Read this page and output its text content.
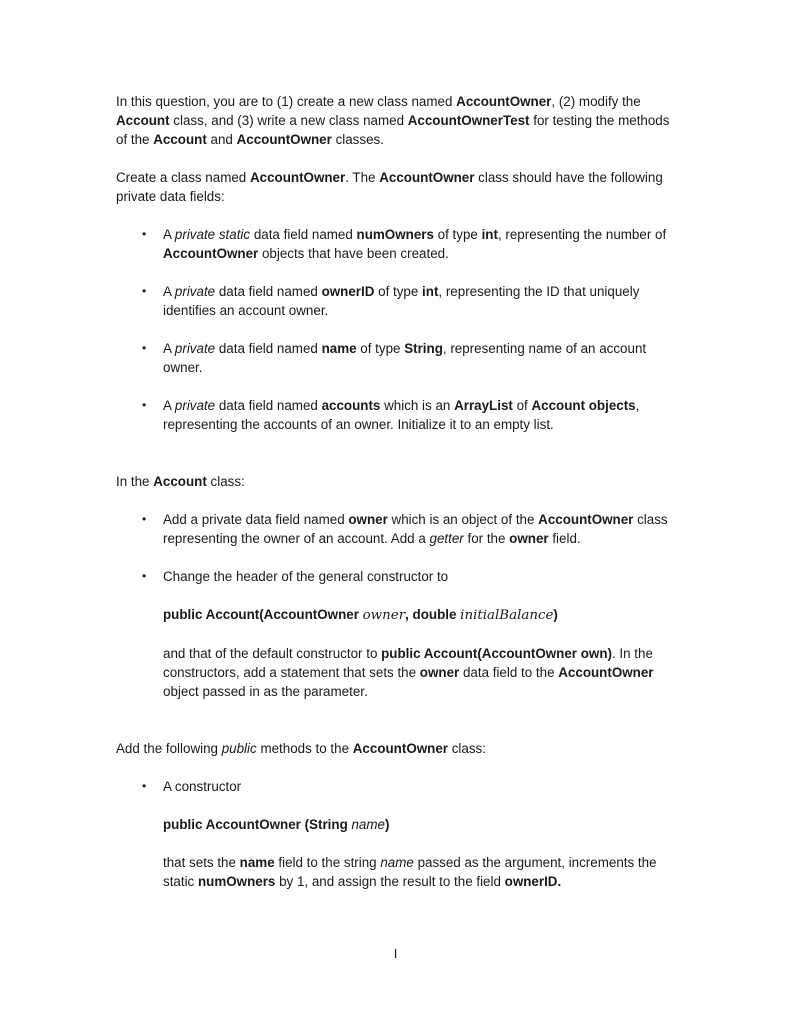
In this question, you are to (1) create a new class named AccountOwner, (2) modify the Account class, and (3) write a new class named AccountOwnerTest for testing the methods of the Account and AccountOwner classes.

Create a class named AccountOwner. The AccountOwner class should have the following private data fields:

• A private static data field named numOwners of type int, representing the number of AccountOwner objects that have been created.
• A private data field named ownerID of type int, representing the ID that uniquely identifies an account owner.
• A private data field named name of type String, representing name of an account owner.
• A private data field named accounts which is an ArrayList of Account objects, representing the accounts of an owner. Initialize it to an empty list.

In the Account class:

• Add a private data field named owner which is an object of the AccountOwner class representing the owner of an account. Add a getter for the owner field.
• Change the header of the general constructor to

public Account(AccountOwner owner, double initialBalance)

and that of the default constructor to public Account(AccountOwner own). In the constructors, add a statement that sets the owner data field to the AccountOwner object passed in as the parameter.

Add the following public methods to the AccountOwner class:

• A constructor

public AccountOwner (String name)

that sets the name field to the string name passed as the argument, increments the static numOwners by 1, and assign the result to the field ownerID.

I
